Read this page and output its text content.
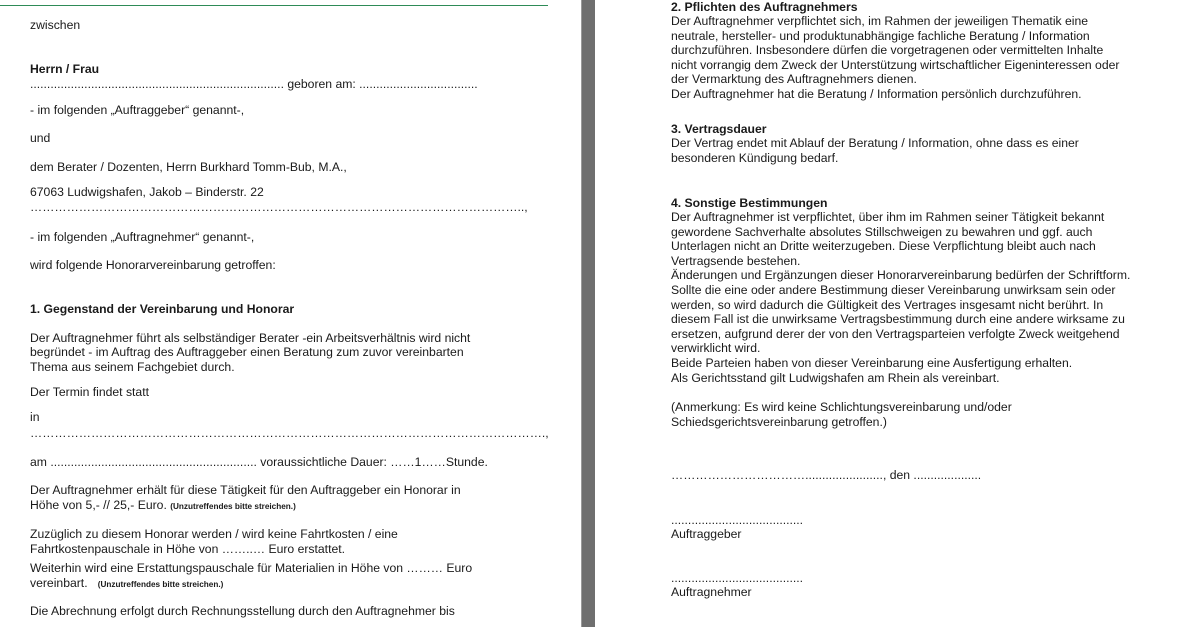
zwischen
Herrn / Frau
........................................................................... geboren am: ...................................
- im folgenden „Auftraggeber“ genannt-,
und
dem Berater / Dozenten, Herrn Burkhard Tomm-Bub, M.A.,
67063 Ludwigshafen, Jakob – Binderstr. 22
…………………………………………………………………………………………………………..,
- im folgenden „Auftragnehmer“ genannt-,
wird folgende Honorarvereinbarung getroffen:
1. Gegenstand der Vereinbarung und Honorar
Der Auftragnehmer führt als selbständiger Berater -ein Arbeitsverhältnis wird nicht
begründet - im Auftrag des Auftraggeber einen Beratung zum zuvor vereinbarten
Thema aus seinem Fachgebiet durch.
Der Termin findet statt
in
……………………………………………………………………………………………………………….,
am ............................................................. voraussichtliche Dauer: ……1……Stunde.
Der Auftragnehmer erhält für diese Tätigkeit für den Auftraggeber ein Honorar in
Höhe von 5,- // 25,- Euro. (Unzutreffendes bitte streichen.)
Zuzüglich zu diesem Honorar werden / wird keine Fahrtkosten / eine
Fahrtkostenpauschale in Höhe von ……..… Euro erstattet.
Weiterhin wird eine Erstattungspauschale für Materialien in Höhe von ……… Euro
vereinbart. (Unzutreffendes bitte streichen.)
Die Abrechnung erfolgt durch Rechnungsstellung durch den Auftragnehmer bis
2. Pflichten des Auftragnehmers
Der Auftragnehmer verpflichtet sich, im Rahmen der jeweiligen Thematik eine
neutrale, hersteller- und produktunabhängige fachliche Beratung / Information
durchzuführen. Insbesondere dürfen die vorgetragenen oder vermittelten Inhalte
nicht vorrangig dem Zweck der Unterstützung wirtschaftlicher Eigeninteressen oder
der Vermarktung des Auftragnehmers dienen.
Der Auftragnehmer hat die Beratung / Information persönlich durchzuführen.
3. Vertragsdauer
Der Vertrag endet mit Ablauf der Beratung / Information, ohne dass es einer
besonderen Kündigung bedarf.
4. Sonstige Bestimmungen
Der Auftragnehmer ist verpflichtet, über ihm im Rahmen seiner Tätigkeit bekannt
gewordene Sachverhalte absolutes Stillschweigen zu bewahren und ggf. auch
Unterlagen nicht an Dritte weiterzugeben. Diese Verpflichtung bleibt auch nach
Vertragsende bestehen.
Änderungen und Ergänzungen dieser Honorarvereinbarung bedürfen der Schriftform.
Sollte die eine oder andere Bestimmung dieser Vereinbarung unwirksam sein oder
werden, so wird dadurch die Gültigkeit des Vertrages insgesamt nicht berührt. In
diesem Fall ist die unwirksame Vertragsbestimmung durch eine andere wirksame zu
ersetzen, aufgrund derer der von den Vertragsparteien verfolgte Zweck weitgehend
verwirklicht wird.
Beide Parteien haben von dieser Vereinbarung eine Ausfertigung erhalten.
Als Gerichtsstand gilt Ludwigshafen am Rhein als vereinbart.
(Anmerkung: Es wird keine Schlichtungsvereinbarung und/oder
Schiedsgerichtsvereinbarung getroffen.)
……………………………......................., den ....................
.......................................
Auftraggeber
.......................................
Auftragnehmer
